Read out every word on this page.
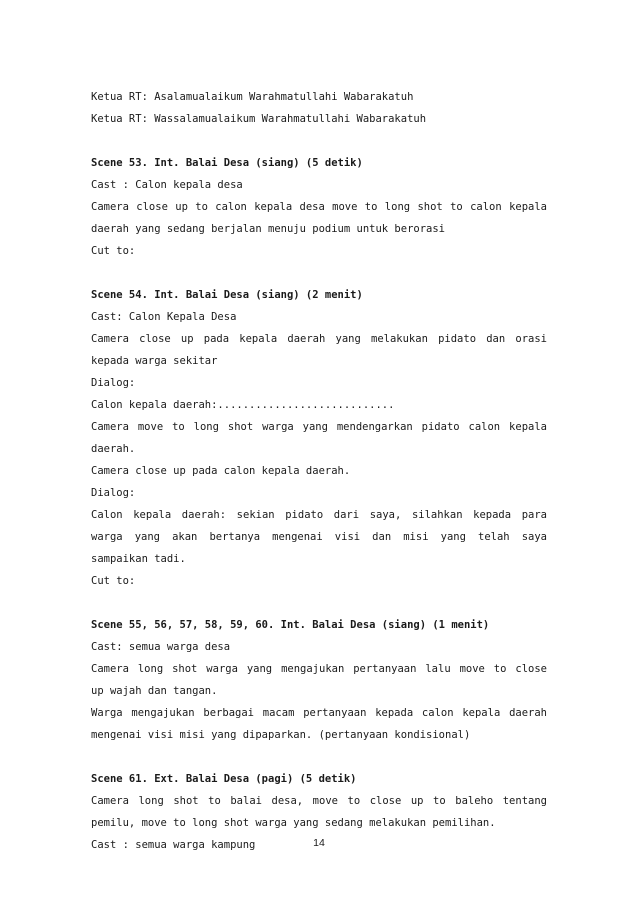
Ketua RT: Asalamualaikum Warahmatullahi Wabarakatuh
Ketua RT: Wassalamualaikum Warahmatullahi Wabarakatuh
Scene 53. Int. Balai Desa (siang) (5 detik)
Cast : Calon kepala desa
Camera close up to calon kepala desa move to long shot to calon kepala
daerah yang sedang berjalan menuju podium untuk berorasi
Cut to:
Scene 54. Int. Balai Desa (siang) (2 menit)
Cast: Calon Kepala Desa
Camera close up pada kepala daerah yang melakukan pidato dan orasi
kepada warga sekitar
Dialog:
Calon kepala daerah:............................
Camera move to long shot warga yang mendengarkan pidato calon kepala
daerah.
Camera close up pada calon kepala daerah.
Dialog:
Calon kepala daerah: sekian pidato dari saya, silahkan kepada para
warga yang akan bertanya mengenai visi dan misi yang telah saya
sampaikan tadi.
Cut to:
Scene 55, 56, 57, 58, 59, 60. Int. Balai Desa (siang) (1 menit)
Cast: semua warga desa
Camera long shot warga yang mengajukan pertanyaan lalu move to close
up wajah dan tangan.
Warga mengajukan berbagai macam pertanyaan kepada calon kepala daerah
mengenai visi misi yang dipaparkan. (pertanyaan kondisional)
Scene 61. Ext. Balai Desa (pagi) (5 detik)
Camera long shot to balai desa, move to close up to baleho tentang
pemilu, move to long shot warga yang sedang melakukan pemilihan.
Cast : semua warga kampung	14
